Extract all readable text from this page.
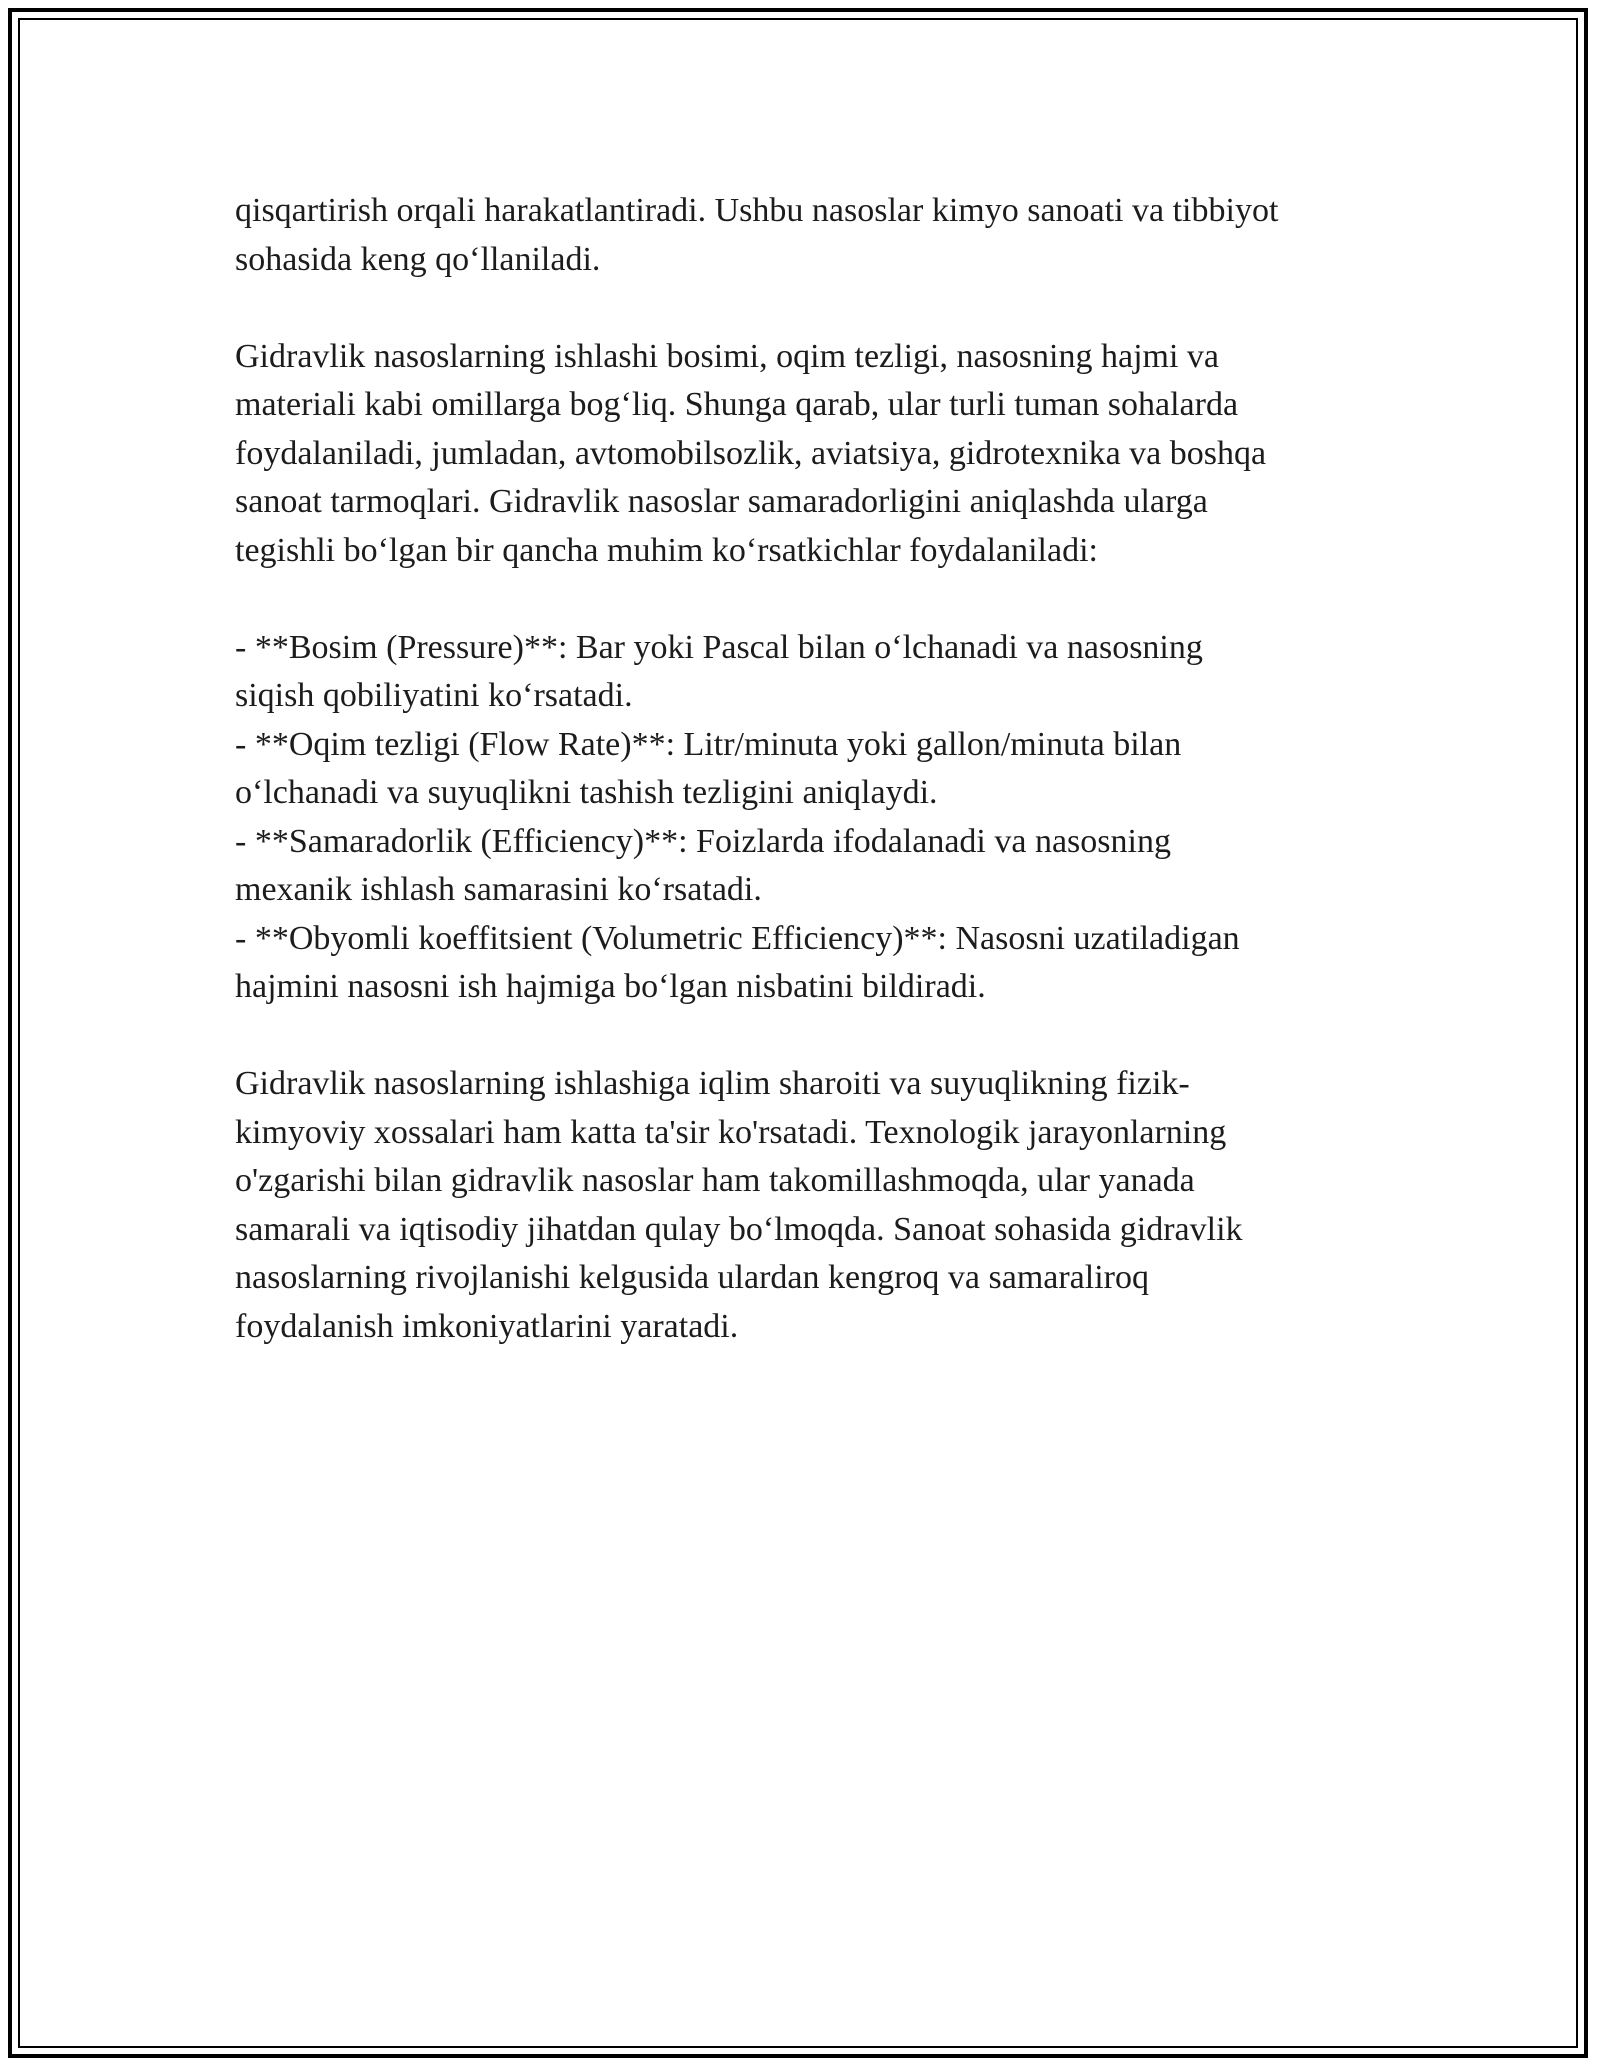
qisqartirish orqali harakatlantiradi. Ushbu nasoslar kimyo sanoati va tibbiyot
sohasida keng qo‘llaniladi.

Gidravlik nasoslarning ishlashi bosimi, oqim tezligi, nasosning hajmi va
materiali kabi omillarga bog‘liq. Shunga qarab, ular turli tuman sohalarda
foydalaniladi, jumladan, avtomobilsozlik, aviatsiya, gidrotexnika va boshqa
sanoat tarmoqlari. Gidravlik nasoslar samaradorligini aniqlashda ularga
tegishli bo‘lgan bir qancha muhim ko‘rsatkichlar foydalaniladi:

- **Bosim (Pressure)**: Bar yoki Pascal bilan o‘lchanadi va nasosning
siqish qobiliyatini ko‘rsatadi.

- **Oqim tezligi (Flow Rate)**: Litr/minuta yoki gallon/minuta bilan
o‘lchanadi va suyuqlikni tashish tezligini aniqlaydi.

- **Samaradorlik (Efficiency)**: Foizlarda ifodalanadi va nasosning
mexanik ishlash samarasini ko‘rsatadi.

- **Obyomli koeffitsient (Volumetric Efficiency)**: Nasosni uzatiladigan
hajmini nasosni ish hajmiga bo‘lgan nisbatini bildiradi.

Gidravlik nasoslarning ishlashiga iqlim sharoiti va suyuqlikning fizik-
kimyoviy xossalari ham katta ta'sir ko'rsatadi. Texnologik jarayonlarning
o'zgarishi bilan gidravlik nasoslar ham takomillashmoqda, ular yanada
samarali va iqtisodiy jihatdan qulay bo‘lmoqda. Sanoat sohasida gidravlik
nasoslarning rivojlanishi kelgusida ulardan kengroq va samaraliroq
foydalanish imkoniyatlarini yaratadi.
